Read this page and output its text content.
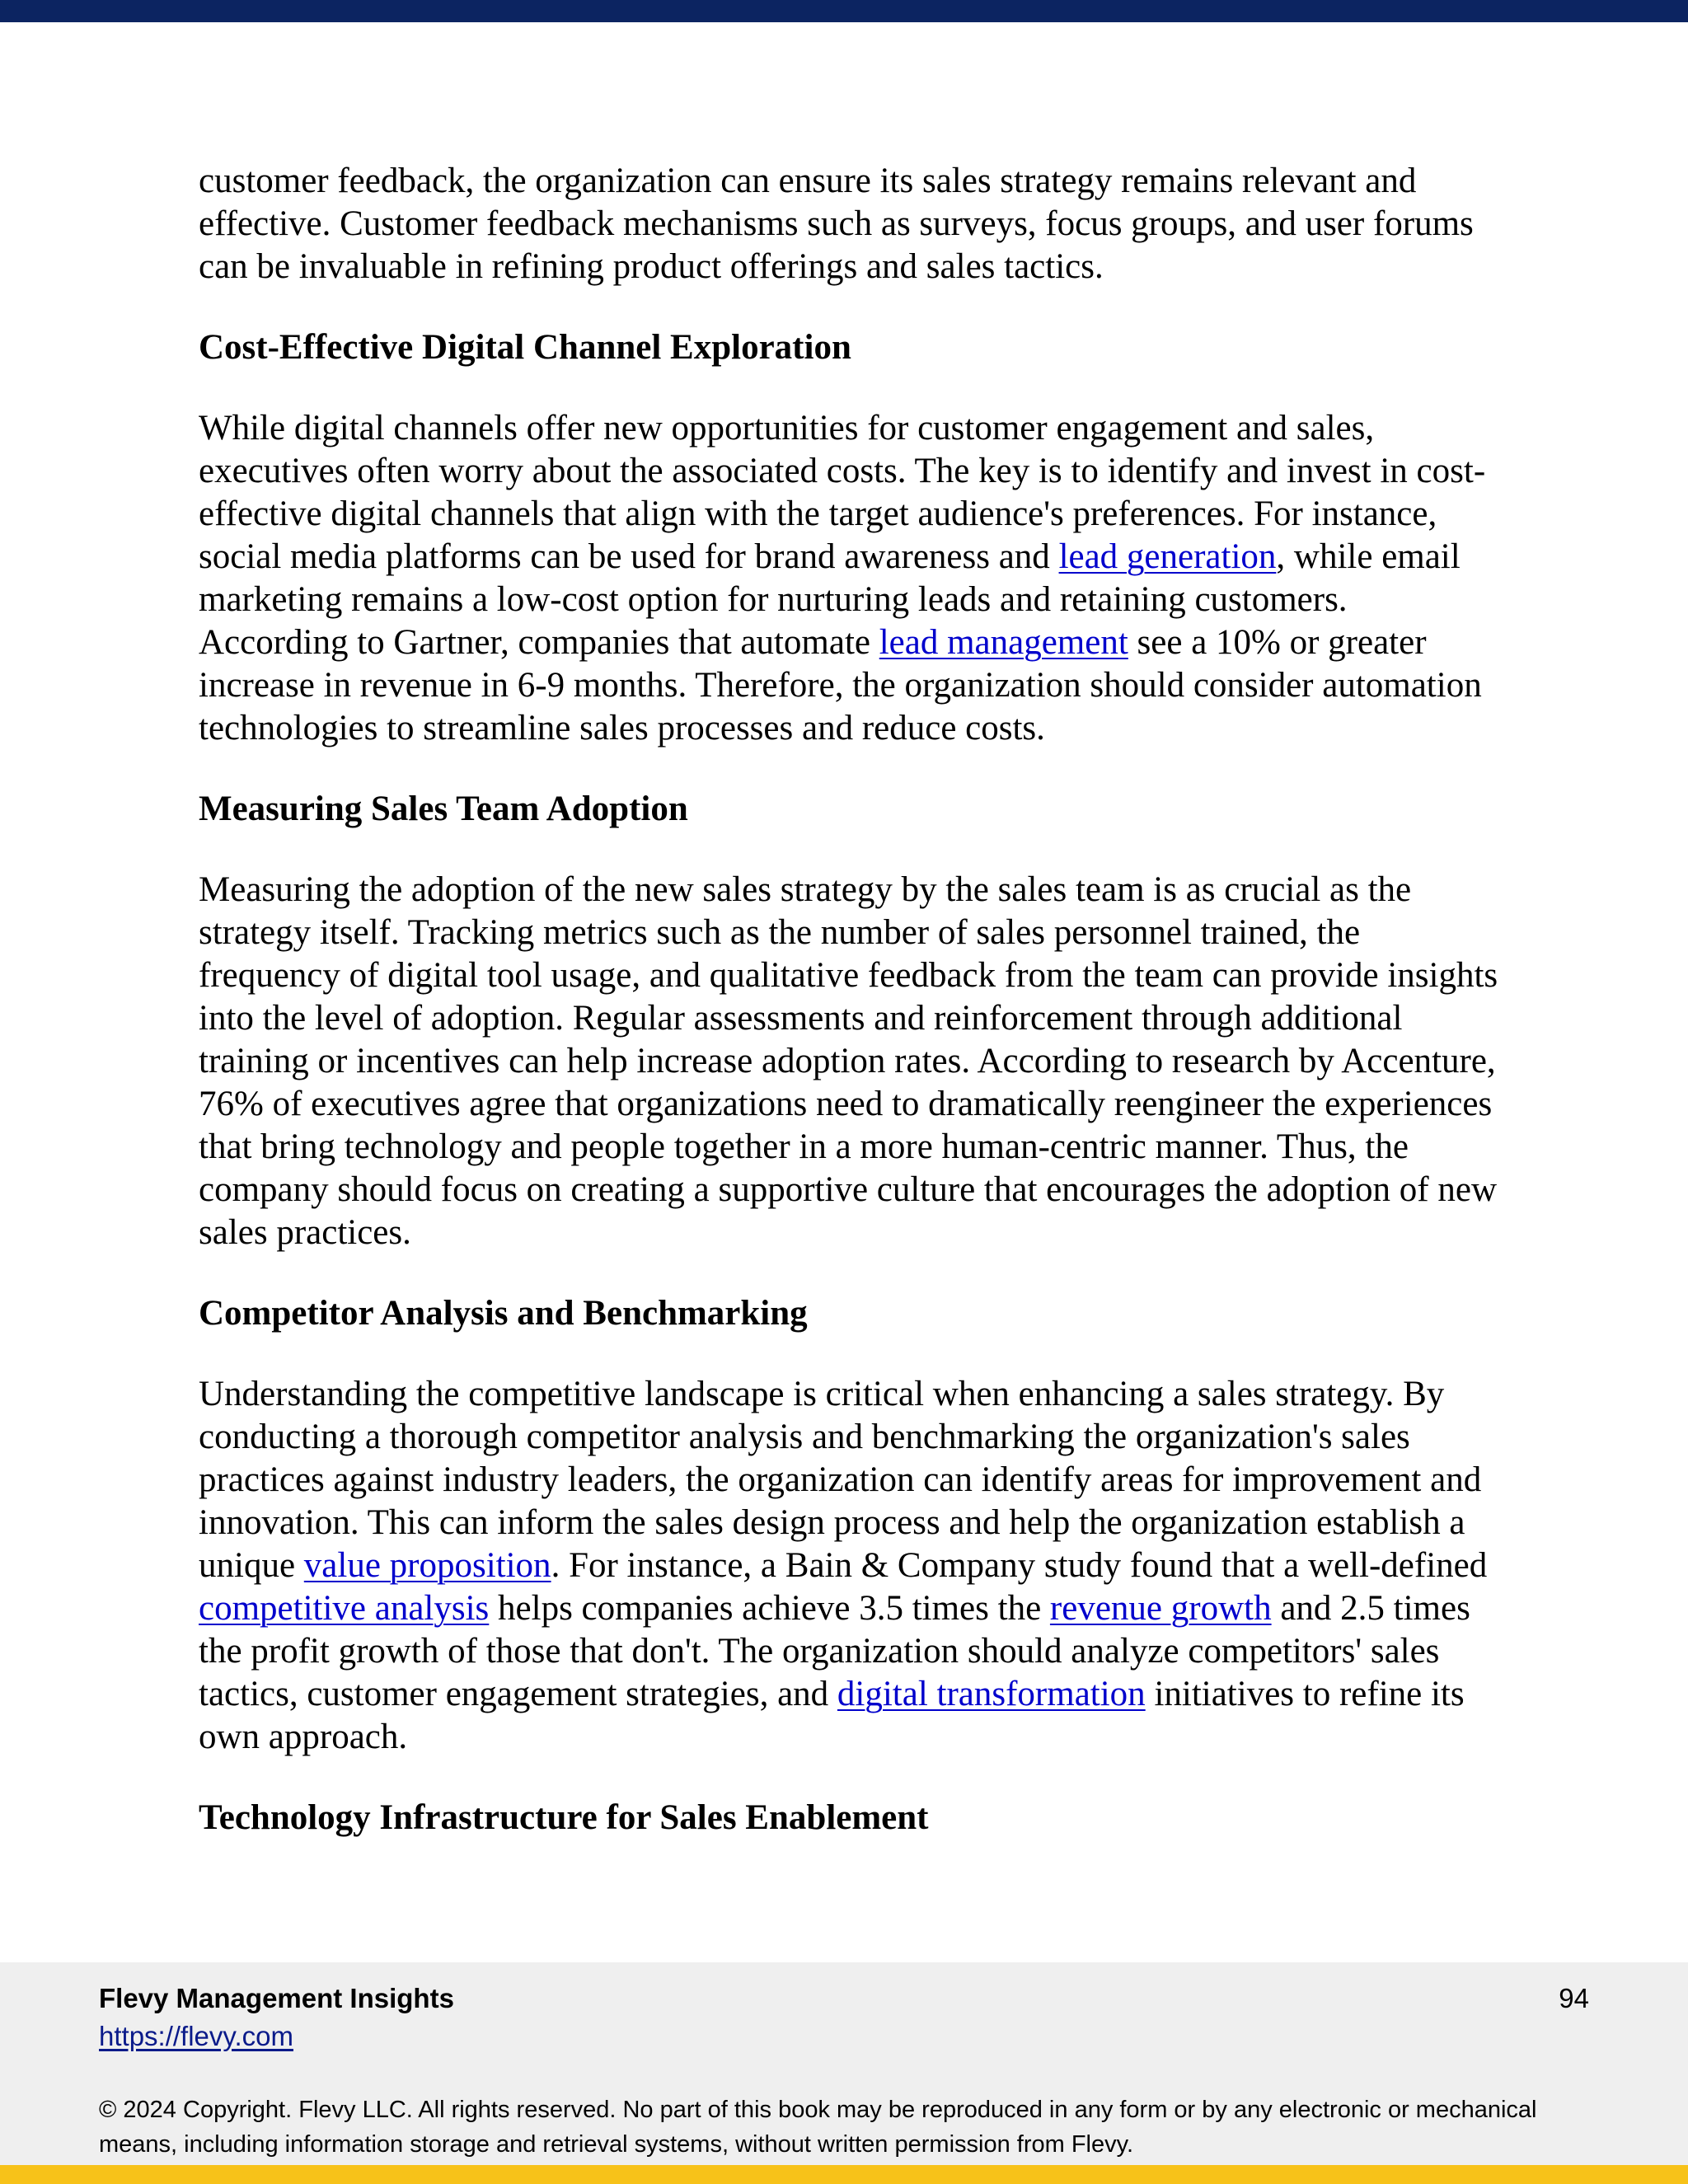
customer feedback, the organization can ensure its sales strategy remains relevant and effective. Customer feedback mechanisms such as surveys, focus groups, and user forums can be invaluable in refining product offerings and sales tactics.

Cost-Effective Digital Channel Exploration

While digital channels offer new opportunities for customer engagement and sales, executives often worry about the associated costs. The key is to identify and invest in cost-effective digital channels that align with the target audience's preferences. For instance, social media platforms can be used for brand awareness and lead generation, while email marketing remains a low-cost option for nurturing leads and retaining customers. According to Gartner, companies that automate lead management see a 10% or greater increase in revenue in 6-9 months. Therefore, the organization should consider automation technologies to streamline sales processes and reduce costs.

Measuring Sales Team Adoption

Measuring the adoption of the new sales strategy by the sales team is as crucial as the strategy itself. Tracking metrics such as the number of sales personnel trained, the frequency of digital tool usage, and qualitative feedback from the team can provide insights into the level of adoption. Regular assessments and reinforcement through additional training or incentives can help increase adoption rates. According to research by Accenture, 76% of executives agree that organizations need to dramatically reengineer the experiences that bring technology and people together in a more human-centric manner. Thus, the company should focus on creating a supportive culture that encourages the adoption of new sales practices.

Competitor Analysis and Benchmarking

Understanding the competitive landscape is critical when enhancing a sales strategy. By conducting a thorough competitor analysis and benchmarking the organization's sales practices against industry leaders, the organization can identify areas for improvement and innovation. This can inform the sales design process and help the organization establish a unique value proposition. For instance, a Bain & Company study found that a well-defined competitive analysis helps companies achieve 3.5 times the revenue growth and 2.5 times the profit growth of those that don't. The organization should analyze competitors' sales tactics, customer engagement strategies, and digital transformation initiatives to refine its own approach.

Technology Infrastructure for Sales Enablement
Flevy Management Insights
https://flevy.com
94
© 2024 Copyright. Flevy LLC. All rights reserved. No part of this book may be reproduced in any form or by any electronic or mechanical means, including information storage and retrieval systems, without written permission from Flevy.
